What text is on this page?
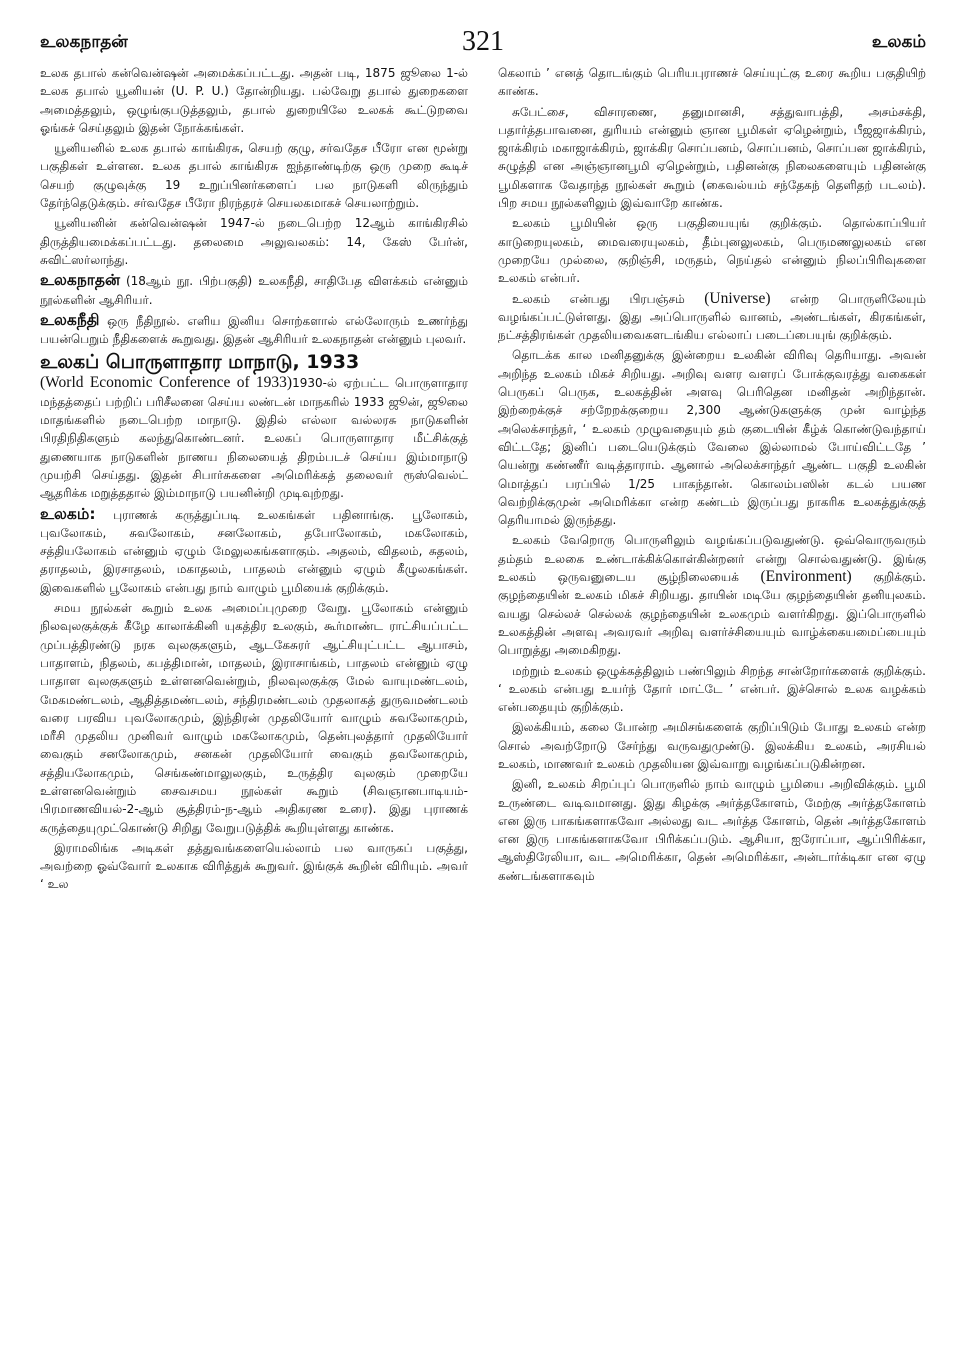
உலகநாதன்	321	உலகம்

உலக தபால் கன்வென்ஷன் அமைக்கப்பட்டது. அதன் படி, 1875 ஜூலை 1-ல் உலக தபால் யூனியன் (U. P. U.) தோன்றியது. பல்வேறு தபால் துறைகளை அமைத்தலும், ஒழுங்குபடுத்தலும், தபால் துறையிலே உலகக் கூட்டுறவை ஓங்கச் செய்தலும் இதன் நோக்கங்கள்.

யூனியனில் உலக தபால் காங்கிரசு, செயற் குழு, சர்வதேச பீரோ என மூன்று பகுதிகள் உள்ளன. உலக தபால் காங்கிரசு ஐந்தாண்டிற்கு ஒரு முறை கூடிச் செயற் குழுவுக்கு 19 உறுப்பினர்களைப் பல நாடுகளி லிருந்தும் தேர்ந்தெடுக்கும். சர்வதேச பீரோ நிரந்தரச் செயலகமாகச் செயலாற்றும்.

யூனியனின் கன்வென்ஷன் 1947-ல் நடைபெற்ற 12ஆம் காங்கிரசில் திருத்தியமைக்கப்பட்டது. தலைமை அலுவலகம்: 14, கேஸ் பேர்ன், சுவிட்ஸர்லாந்து.

உலகநாதன் (18ஆம் நூ. பிற்பகுதி) உலகநீதி, சாதிபேத விளக்கம் என்னும் நூல்களின் ஆசிரியர்.

உலகநீதி ஒரு நீதிநூல். எளிய இனிய சொற்களால் எல்லோரும் உணர்ந்து பயன்பெறும் நீதிகளைக் கூறுவது. இதன் ஆசிரியர் உலகநாதன் என்னும் புலவர்.

உலகப் பொருளாதார மாநாடு, 1933
(World Economic Conference of 1933)1930-ல் ஏற்பட்ட பொருளாதார மந்தத்தைப் பற்றிப் பரிசீலனை செய்ய லண்டன் மாநகரில் 1933 ஜூன், ஜூலை மாதங்களில் நடைபெற்ற மாநாடு. இதில் எல்லா வல்லரசு நாடுகளின் பிரதிநிதிகளும் கலந்துகொண்டனர். உலகப் பொருளாதார மீட்சிக்குத் துணையாக நாடுகளின் நாணய நிலையைத் திறம்படச் செய்ய இம்மாநாடு முயற்சி செய்தது. இதன் சிபார்சுகளை அமெரிக்கத் தலைவர் ரூஸ்வெல்ட் ஆதரிக்க மறுத்ததால் இம்மாநாடு பயனின்றி முடிவுற்றது.

உலகம்: புராணக் கருத்துப்படி உலகங்கள் பதினாங்கு. பூலோகம், புவலோகம், சுவலோகம், சனலோகம், தபோலோகம், மகலோகம், சத்தியலோகம் என்னும் ஏழும் மேலுலகங்களாகும். அதலம், விதலம், சுதலம், தராதலம், இரசாதலம், மகாதலம், பாதலம் என்னும் ஏழும் கீழுலகங்கள். இவைகளில் பூலோகம் என்பது நாம் வாழும் பூமியைக் குறிக்கும்.

சமய நூல்கள் கூறும் உலக அமைப்புமுறை வேறு. பூலோகம் என்னும் நிலவுலகுக்குக் கீழே காலாக்கினி யுகத்திர உலகும், கூர்மாண்ட ராட்சியப்பட்ட முப்பத்திரண்டு நரக வுலகுகளும், ஆடகேசுரர் ஆட்சியுட்பட்ட ஆபாசம், பாதாளம், நிதலம், கபத்திமான், மாதலம், இராசாங்கம், பாதலம் என்னும் ஏழு பாதாள வுலகுகளும் உள்ளனவென்றும், நிலவுலகுக்கு மேல் வாயுமண்டலம், மேகமண்டலம், ஆதித்தமண்டலம், சந்திரமண்டலம் முதலாகத் துருவமண்டலம் வரை பரவிய புவலோகமும், இந்திரன் முதலியோர் வாழும் சுவலோகமும், மரீசி முதலிய முனிவர் வாழும் மகலோகமும், தென்புலத்தார் முதலியோர் வைகும் சனலோகமும், சனகன் முதலியோர் வைகும் தவலோகமும், சத்தியலோகமும், செங்கண்மாலுலகும், உருத்திர வுலகும் முறையே உள்ளனவென்றும் சைவசமய நூல்கள் கூறும் (சிவஞானபாடியம்-பிரமாணவியல்-2-ஆம் சூத்திரம்-ந-ஆம் அதிகரண உரை). இது புராணக் கருத்தையுமுட்கொண்டு சிறிது வேறுபடுத்திக் கூறியுள்ளது காண்க.

இராமலிங்க அடிகள் தத்துவங்களையெல்லாம் பல வாருகப் பகுத்து, அவற்றை ஓவ்வோர் உலகாக விரித்துக் கூறுவர். இங்குக் கூறின் விரியும். அவர் ‘ உல

கெலாம் ’ எனத் தொடங்கும் பெரியபுராணச் செய்யுட்கு உரை கூறிய பகுதியிற் காண்க.

சுபேட்சை, விசாரணை, தனுமானசி, சத்துவாபத்தி, அசம்சக்தி, பதார்த்தபாவனை, துரியம் என்னும் ஞான பூமிகள் ஏழென்றும், பீஜஜாக்கிரம், ஜாக்கிரம் மகாஜாக்கிரம், ஜாக்கிர சொப்பனம், சொப்பனம், சொப்பன ஜாக்கிரம், சுழுத்தி என அஞ்ஞானபூமி ஏழென்றும், பதினன்கு நிலைகளையும் பதினன்கு பூமிகளாக வேதாந்த நூல்கள் கூறும் (கைவல்யம் சந்தேகந் தெளிதற் படலம்). பிற சமய நூல்களிலும் இவ்வாறே காண்க.

உலகம் பூமியின் ஒரு பகுதியையுங் குறிக்கும். தொல்காப்பியர் காடுறையுலகம், மைவரையுலகம், தீம்புனலுலகம், பெருமணலுலகம் என முறையே முல்லை, குறிஞ்சி, மருதம், நெய்தல் என்னும் நிலப்பிரிவுகளை உலகம் என்பர்.

உலகம் என்பது பிரபஞ்சம் (Universe) என்ற பொருளிலேயும் வழங்கப்பட்டுள்ளது. இது அப்பொருளில் வானம், அண்டங்கள், கிரகங்கள், நட்சத்திரங்கள் முதலியவைகளடங்கிய எல்லாப் படைப்பையுங் குறிக்கும்.

தொடக்க கால மனிதனுக்கு இன்றைய உலகின் விரிவு தெரியாது. அவன் அறிந்த உலகம் மிகச் சிறியது. அறிவு வளர வளரப் போக்குவரத்து வகைகள் பெருகப் பெருக, உலகத்தின் அளவு பெரிதென மனிதன் அறிந்தான். இற்றைக்குச் சற்றேறக்குறைய 2,300 ஆண்டுகளுக்கு முன் வாழ்ந்த அலெக்சாந்தர், ‘ உலகம் முழுவதையும் தம் குடையின் கீழ்க் கொண்டுவந்தாய் விட்டதே; இனிப் படையெடுக்கும் வேலை இல்லாமல் போய்விட்டதே ’ யென்று கண்ணீர் வடித்தாராம். ஆனால் அலெக்சாந்தர் ஆண்ட பகுதி உலகின் மொத்தப் பரப்பில் 1/25 பாகந்தான். கொலம்பஸின் கடல் பயண வெற்றிக்குமுன் அமெரிக்கா என்ற கண்டம் இருப்பது நாகரிக உலகத்துக்குத் தெரியாமல் இருந்தது.

உலகம் வேறொரு பொருளிலும் வழங்கப்படுவதுண்டு. ஒவ்வொருவரும் தம்தம் உலகை உண்டாக்கிக்கொள்கின்றனர் என்று சொல்வதுண்டு. இங்கு உலகம் ஒருவனுடைய சூழ்நிலையைக் (Environment) குறிக்கும். குழந்தையின் உலகம் மிகச் சிறியது. தாயின் மடியே குழந்தையின் தனியுலகம். வயது செல்லச் செல்லக் குழந்தையின் உலகமும் வளர்கிறது. இப்பொருளில் உலகத்தின் அளவு அவரவர் அறிவு வளர்ச்சியையும் வாழ்க்கையமைப்பையும் பொறுத்து அமைகிறது.

மற்றும் உலகம் ஒழுக்கத்திலும் பண்பிலும் சிறந்த சான்றோர்களைக் குறிக்கும். ‘ உலகம் என்பது உயர்ந் தோர் மாட்டே ’ என்பர். இச்சொல் உலக வழக்கம் என்பதையும் குறிக்கும்.

இலக்கியம், கலை போன்ற அமிசங்களைக் குறிப்பிடும் போது உலகம் என்ற சொல் அவற்றோடு சேர்ந்து வருவதுமுண்டு. இலக்கிய உலகம், அரசியல் உலகம், மாணவர் உலகம் முதலியன இவ்வாறு வழங்கப்படுகின்றன.

இனி, உலகம் சிறப்புப் பொருளில் நாம் வாழும் பூமியை அறிவிக்கும். பூமி உருண்டை வடிவமானது. இது கிழக்கு அர்த்தகோளம், மேற்கு அர்த்தகோளம் என இரு பாகங்களாகவோ அல்லது வட அர்த்த கோளம், தென் அர்த்தகோளம் என இரு பாகங்களாகவோ பிரிக்கப்படும். ஆசியா, ஐரோப்பா, ஆப்பிரிக்கா, ஆஸ்திரேலியா, வட அமெரிக்கா, தென் அமெரிக்கா, அன்டார்க்டிகா என ஏழு கண்டங்களாகவும்
